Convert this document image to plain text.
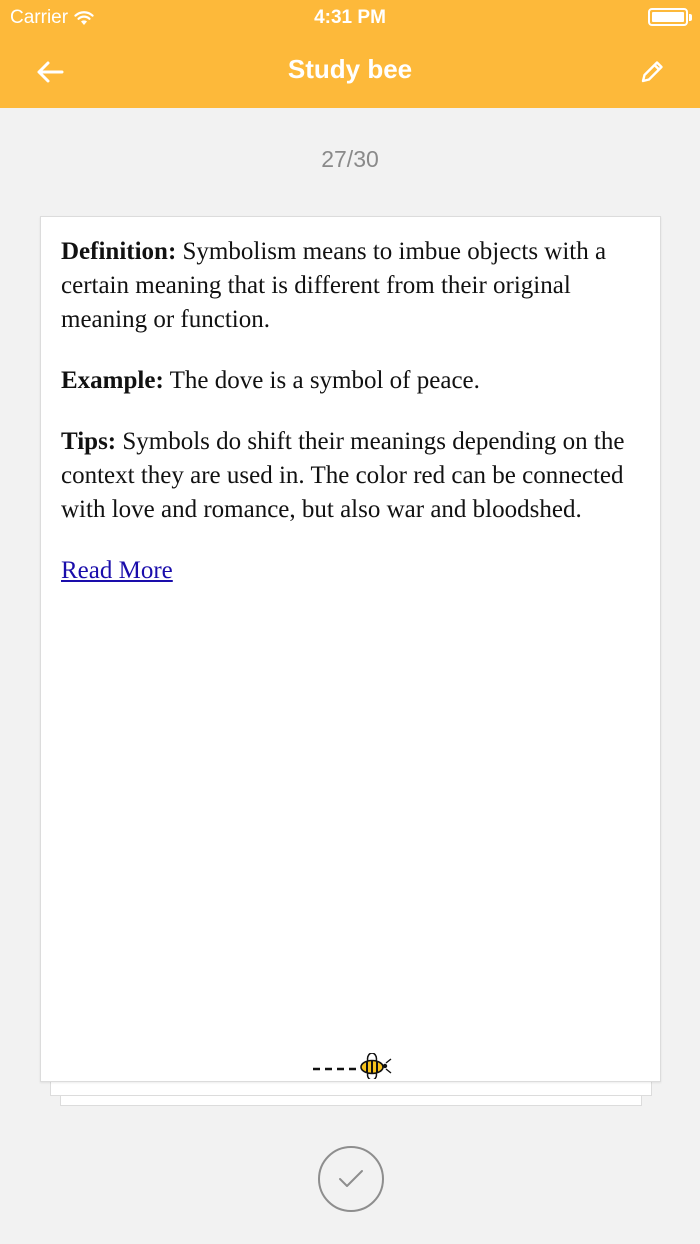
Carrier	4:31 PM
Study bee
27/30

Definition: Symbolism means to imbue objects with a certain meaning that is different from their original meaning or function.

Example: The dove is a symbol of peace.

Tips: Symbols do shift their meanings depending on the context they are used in. The color red can be connected with love and romance, but also war and bloodshed.

Read More
